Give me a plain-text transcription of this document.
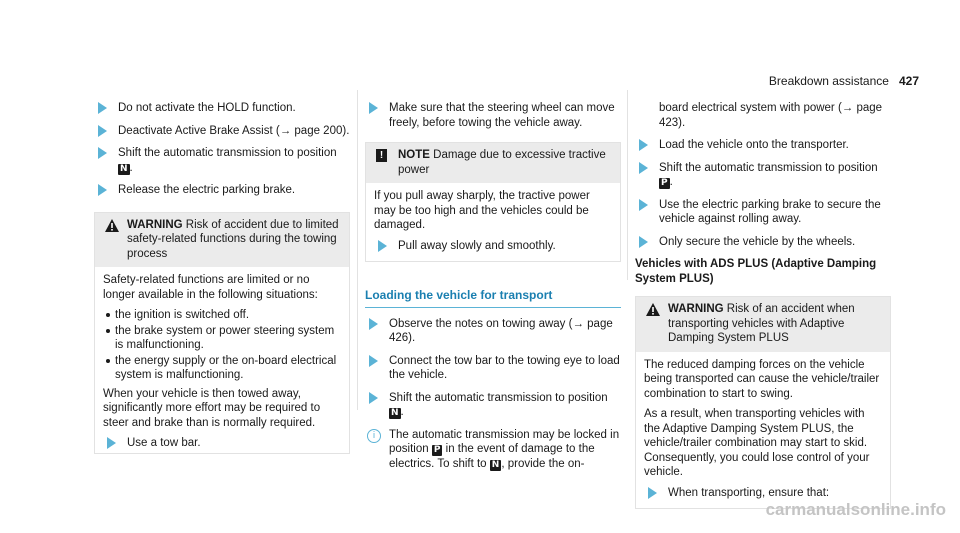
Breakdown assistance 427
Do not activate the HOLD function.
Deactivate Active Brake Assist (→ page 200).
Shift the automatic transmission to position
N .
Release the electric parking brake.
WARNING Risk of accident due to limited safety-related functions during the towing process

Safety-related functions are limited or no longer available in the following situations:

the ignition is switched off.
the brake system or power steering system is malfunctioning.
the energy supply or the on-board electrical system is malfunctioning.

When your vehicle is then towed away, significantly more effort may be required to steer and brake than is normally required.

Use a tow bar.
Make sure that the steering wheel can move freely, before towing the vehicle away.
!	NOTE Damage due to excessive tractive power

If you pull away sharply, the tractive power may be too high and the vehicles could be damaged.

Pull away slowly and smoothly.
Loading the vehicle for transport
Observe the notes on towing away (→ page 426).
Connect the tow bar to the towing eye to load the vehicle.
Shift the automatic transmission to position
N .
i	The automatic transmission may be locked in position P in the event of damage to the electrics. To shift to N , provide the on-
board electrical system with power (→ page 423).
Load the vehicle onto the transporter.
Shift the automatic transmission to position
P .
Use the electric parking brake to secure the vehicle against rolling away.
Only secure the vehicle by the wheels.
Vehicles with ADS PLUS (Adaptive Damping System PLUS)
WARNING Risk of an accident when transporting vehicles with Adaptive Damping System PLUS

The reduced damping forces on the vehicle being transported can cause the vehicle/trailer combination to start to swing.

As a result, when transporting vehicles with the Adaptive Damping System PLUS, the vehicle/trailer combination may start to skid. Consequently, you could lose control of your vehicle.

When transporting, ensure that:
carmanualsonline.info
